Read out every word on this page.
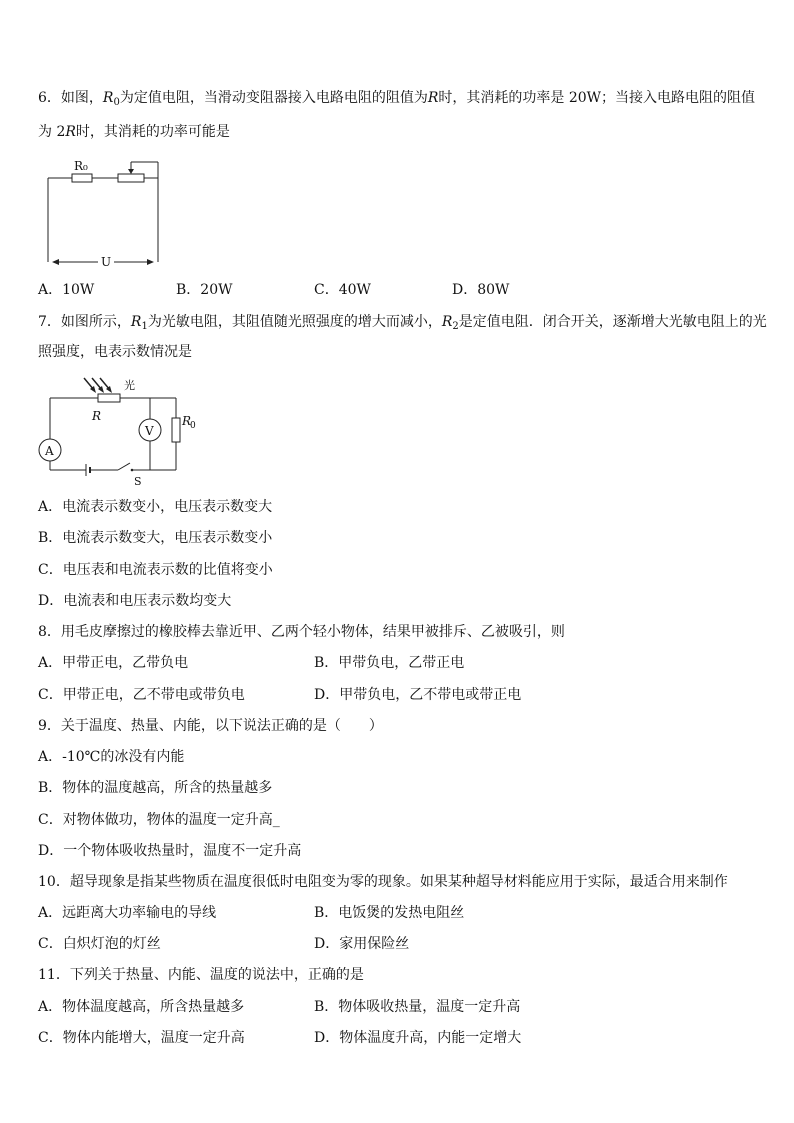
6．如图，$R_0$为定值电阻，当滑动变阻器接入电路电阻的阻值为R时，其消耗的功率是 20W；当接入电路电阻的阻值
为 2R时，其消耗的功率可能是
R₀
U
A．10W	B．20W	C．40W	D．80W
7．如图所示，$R_1$为光敏电阻，其阻值随光照强度的增大而减小，$R_2$是定值电阻．闭合开关，逐渐增大光敏电阻上的光
照强度，电表示数情况是
光
R
A
S
V
R
0
A．电流表示数变小，电压表示数变大
B．电流表示数变大，电压表示数变小
C．电压表和电流表示数的比值将变小
D．电流表和电压表示数均变大
8．用毛皮摩擦过的橡胶棒去靠近甲、乙两个轻小物体，结果甲被排斥、乙被吸引，则
A．甲带正电，乙带负电	B．甲带负电，乙带正电
C．甲带正电，乙不带电或带负电	D．甲带负电，乙不带电或带正电
9．关于温度、热量、内能，以下说法正确的是（　　）
A．-10℃的冰没有内能
B．物体的温度越高，所含的热量越多
C．对物体做功，物体的温度一定升高_
D．一个物体吸收热量时，温度不一定升高
10．超导现象是指某些物质在温度很低时电阻变为零的现象。如果某种超导材料能应用于实际，最适合用来制作
A．远距离大功率输电的导线	B．电饭煲的发热电阻丝
C．白炽灯泡的灯丝	D．家用保险丝
11．下列关于热量、内能、温度的说法中，正确的是
A．物体温度越高，所含热量越多	B．物体吸收热量，温度一定升高
C．物体内能增大，温度一定升高	D．物体温度升高，内能一定增大
